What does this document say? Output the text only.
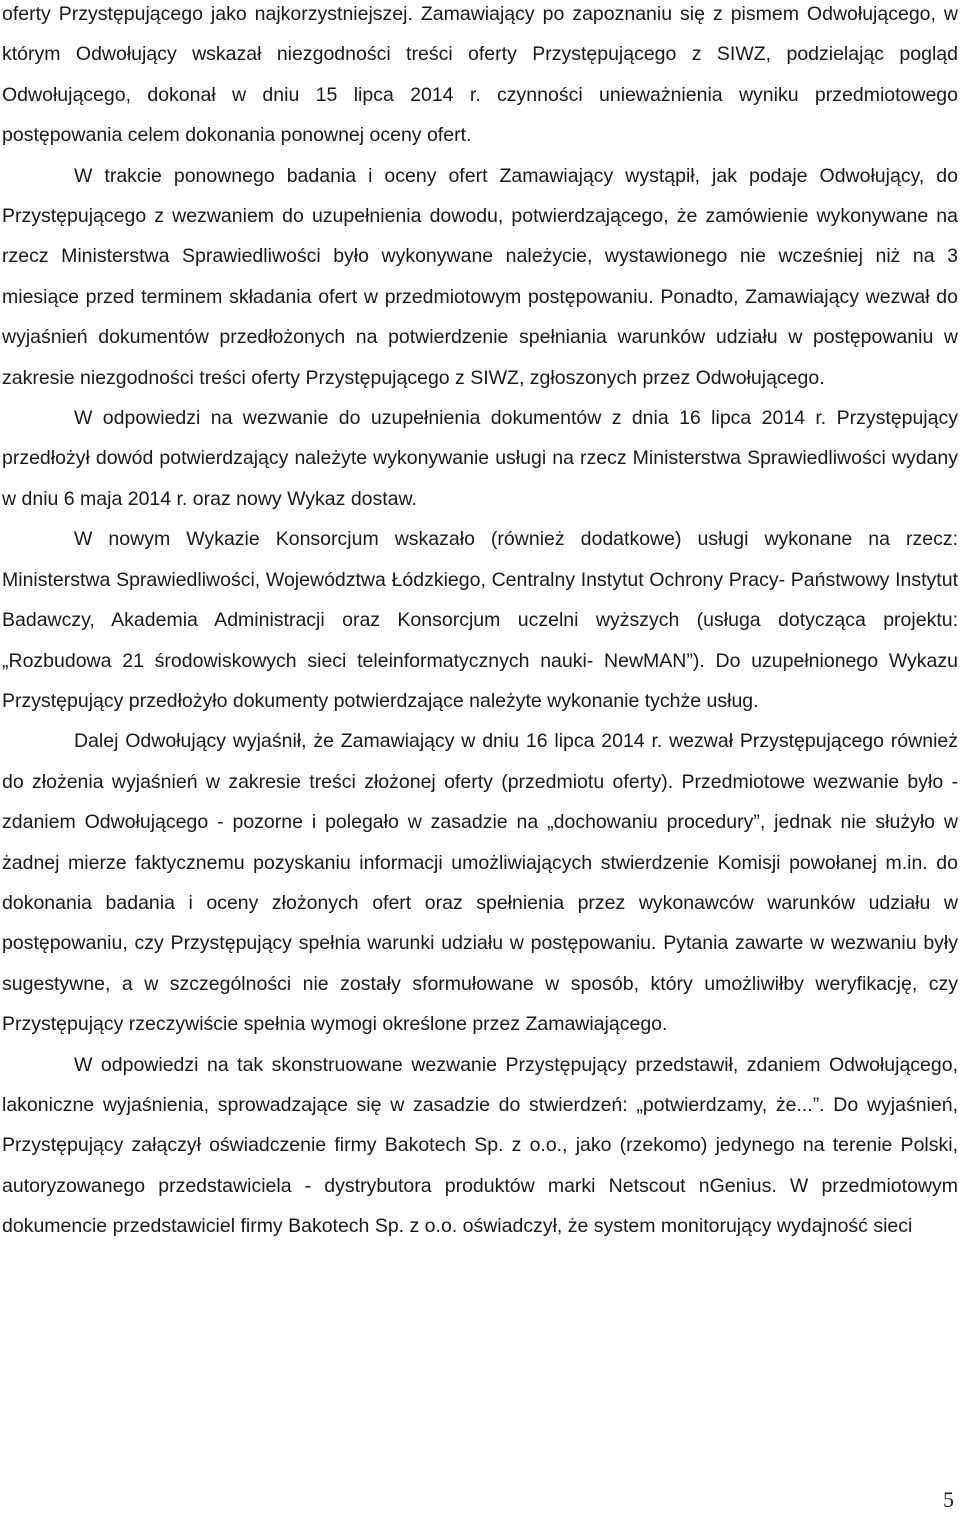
oferty Przystępującego jako najkorzystniejszej. Zamawiający po zapoznaniu się z pismem Odwołującego, w którym Odwołujący wskazał niezgodności treści oferty Przystępującego z SIWZ, podzielając pogląd Odwołującego, dokonał w dniu 15 lipca 2014 r. czynności unieważnienia wyniku przedmiotowego postępowania celem dokonania ponownej oceny ofert.

W trakcie ponownego badania i oceny ofert Zamawiający wystąpił, jak podaje Odwołujący, do Przystępującego z wezwaniem do uzupełnienia dowodu, potwierdzającego, że zamówienie wykonywane na rzecz Ministerstwa Sprawiedliwości było wykonywane należycie, wystawionego nie wcześniej niż na 3 miesiące przed terminem składania ofert w przedmiotowym postępowaniu. Ponadto, Zamawiający wezwał do wyjaśnień dokumentów przedłożonych na potwierdzenie spełniania warunków udziału w postępowaniu w zakresie niezgodności treści oferty Przystępującego z SIWZ, zgłoszonych przez Odwołującego.

W odpowiedzi na wezwanie do uzupełnienia dokumentów z dnia 16 lipca 2014 r. Przystępujący przedłożył dowód potwierdzający należyte wykonywanie usługi na rzecz Ministerstwa Sprawiedliwości wydany w dniu 6 maja 2014 r. oraz nowy Wykaz dostaw.

W nowym Wykazie Konsorcjum wskazało (również dodatkowe) usługi wykonane na rzecz: Ministerstwa Sprawiedliwości, Województwa Łódzkiego, Centralny Instytut Ochrony Pracy- Państwowy Instytut Badawczy, Akademia Administracji oraz Konsorcjum uczelni wyższych (usługa dotycząca projektu: „Rozbudowa 21 środowiskowych sieci teleinformatycznych nauki- NewMAN”). Do uzupełnionego Wykazu Przystępujący przedłożyło dokumenty potwierdzające należyte wykonanie tychże usług.

Dalej Odwołujący wyjaśnił, że Zamawiający w dniu 16 lipca 2014 r. wezwał Przystępującego również do złożenia wyjaśnień w zakresie treści złożonej oferty (przedmiotu oferty). Przedmiotowe wezwanie było - zdaniem Odwołującego - pozorne i polegało w zasadzie na „dochowaniu procedury”, jednak nie służyło w żadnej mierze faktycznemu pozyskaniu informacji umożliwiających stwierdzenie Komisji powołanej m.in. do dokonania badania i oceny złożonych ofert oraz spełnienia przez wykonawców warunków udziału w postępowaniu, czy Przystępujący spełnia warunki udziału w postępowaniu. Pytania zawarte w wezwaniu były sugestywne, a w szczególności nie zostały sformułowane w sposób, który umożliwiłby weryfikację, czy Przystępujący rzeczywiście spełnia wymogi określone przez Zamawiającego.

W odpowiedzi na tak skonstruowane wezwanie Przystępujący przedstawił, zdaniem Odwołującego, lakoniczne wyjaśnienia, sprowadzające się w zasadzie do stwierdzeń: „potwierdzamy, że...”. Do wyjaśnień, Przystępujący załączył oświadczenie firmy Bakotech Sp. z o.o., jako (rzekomo) jedynego na terenie Polski, autoryzowanego przedstawiciela - dystrybutora produktów marki Netscout nGenius. W przedmiotowym dokumencie przedstawiciel firmy Bakotech Sp. z o.o. oświadczył, że system monitorujący wydajność sieci

5
